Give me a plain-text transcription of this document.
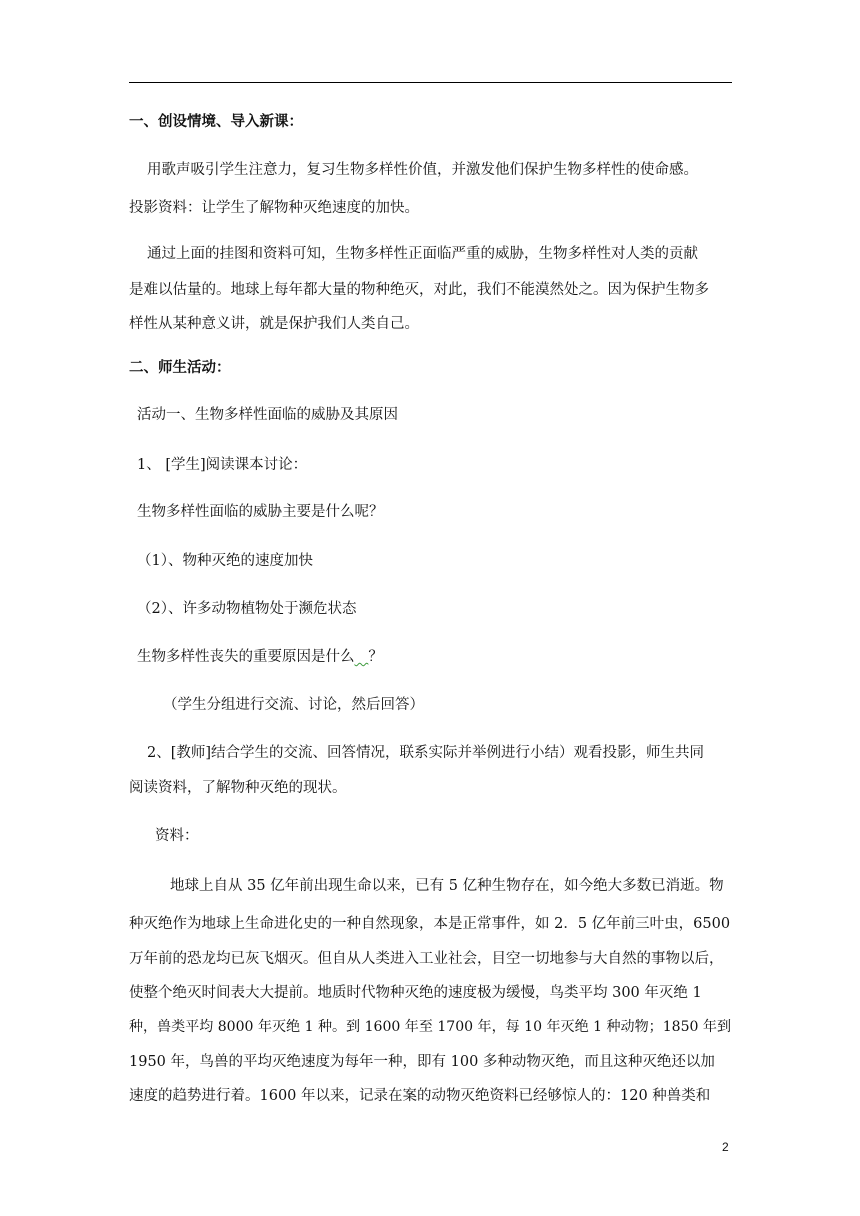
一、创设情境、导入新课：
用歌声吸引学生注意力，复习生物多样性价值，并激发他们保护生物多样性的使命感。
投影资料：让学生了解物种灭绝速度的加快。
通过上面的挂图和资料可知，生物多样性正面临严重的威胁，生物多样性对人类的贡献
是难以估量的。地球上每年都大量的物种绝灭，对此，我们不能漠然处之。因为保护生物多
样性从某种意义讲，就是保护我们人类自己。
二、师生活动：
活动一、生物多样性面临的威胁及其原因
1、 [学生]阅读课本讨论：
生物多样性面临的威胁主要是什么呢？
（1）、物种灭绝的速度加快
（2）、许多动物植物处于濒危状态
生物多样性丧失的重要原因是什么 ？
（学生分组进行交流、讨论，然后回答）
2、[教师]结合学生的交流、回答情况，联系实际并举例进行小结）观看投影，师生共同
阅读资料，了解物种灭绝的现状。
资料：
地球上自从 35 亿年前出现生命以来，已有 5 亿种生物存在，如今绝大多数已消逝。物
种灭绝作为地球上生命进化史的一种自然现象，本是正常事件，如 2．5 亿年前三叶虫，6500
万年前的恐龙均已灰飞烟灭。但自从人类进入工业社会，目空一切地参与大自然的事物以后，
使整个绝灭时间表大大提前。地质时代物种灭绝的速度极为缓慢，鸟类平均 300 年灭绝 1
种，兽类平均 8000 年灭绝 1 种。到 1600 年至 1700 年，每 10 年灭绝 1 种动物；1850 年到
1950 年，鸟兽的平均灭绝速度为每年一种，即有 100 多种动物灭绝，而且这种灭绝还以加
速度的趋势进行着。1600 年以来，记录在案的动物灭绝资料已经够惊人的：120 种兽类和
2
